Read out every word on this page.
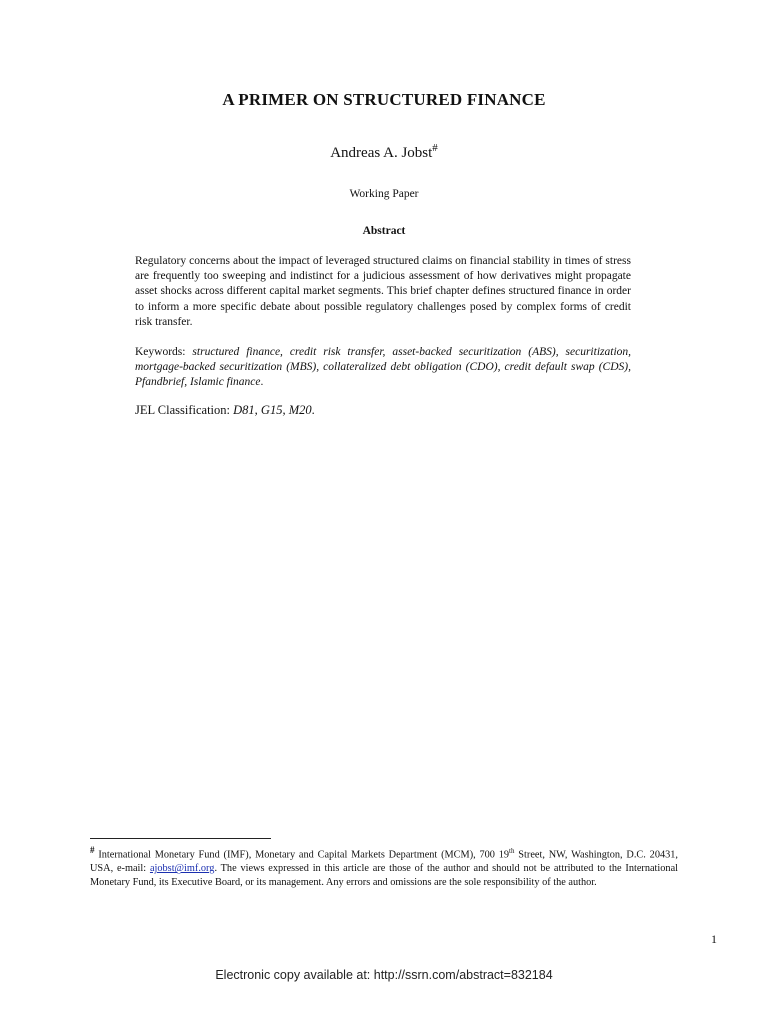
A PRIMER ON STRUCTURED FINANCE
Andreas A. Jobst#
Working Paper
Abstract

Regulatory concerns about the impact of leveraged structured claims on financial stability in times of stress are frequently too sweeping and indistinct for a judicious assessment of how derivatives might propagate asset shocks across different capital market segments. This brief chapter defines structured finance in order to inform a more specific debate about possible regulatory challenges posed by complex forms of credit risk transfer.

Keywords: structured finance, credit risk transfer, asset-backed securitization (ABS), securitization, mortgage-backed securitization (MBS), collateralized debt obligation (CDO), credit default swap (CDS), Pfandbrief, Islamic finance.

JEL Classification: D81, G15, M20.

# International Monetary Fund (IMF), Monetary and Capital Markets Department (MCM), 700 19th Street, NW, Washington, D.C. 20431, USA, e-mail: ajobst@imf.org. The views expressed in this article are those of the author and should not be attributed to the International Monetary Fund, its Executive Board, or its management. Any errors and omissions are the sole responsibility of the author.

1
Electronic copy available at: http://ssrn.com/abstract=832184
